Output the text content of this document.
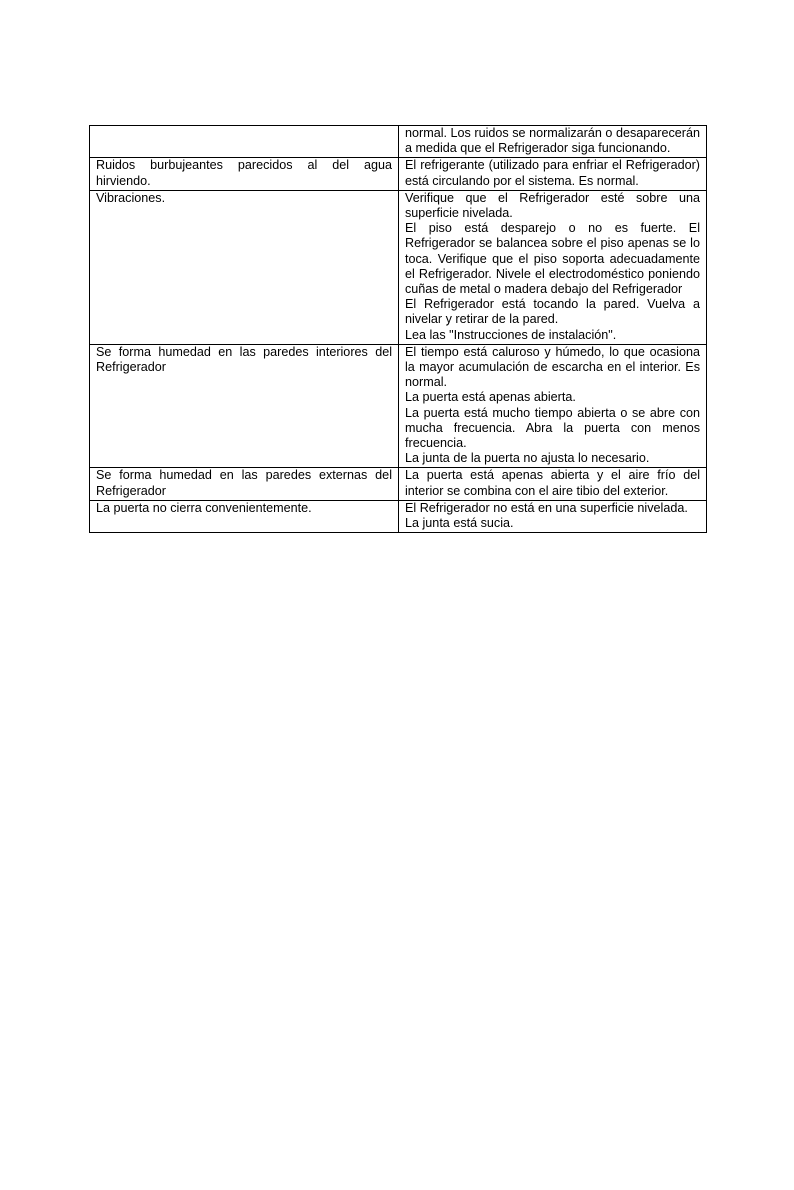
	normal. Los ruidos se normalizarán o desaparecerán a medida que el Refrigerador siga funcionando.

Ruidos burbujeantes parecidos al del agua hirviendo.	El refrigerante (utilizado para enfriar el Refrigerador) está circulando por el sistema. Es normal.

Vibraciones.	Verifique que el Refrigerador esté sobre una superficie nivelada.
El piso está desparejo o no es fuerte. El Refrigerador se balancea sobre el piso apenas se lo toca. Verifique que el piso soporta adecuadamente el Refrigerador. Nivele el electrodoméstico poniendo cuñas de metal o madera debajo del Refrigerador
El Refrigerador está tocando la pared. Vuelva a nivelar y retirar de la pared.
Lea las "Instrucciones de instalación".

Se forma humedad en las paredes interiores del Refrigerador	El tiempo está caluroso y húmedo, lo que ocasiona la mayor acumulación de escarcha en el interior. Es normal.
La puerta está apenas abierta.
La puerta está mucho tiempo abierta o se abre con mucha frecuencia. Abra la puerta con menos frecuencia.
La junta de la puerta no ajusta lo necesario.

Se forma humedad en las paredes externas del Refrigerador	La puerta está apenas abierta y el aire frío del interior se combina con el aire tibio del exterior.

La puerta no cierra convenientemente.	El Refrigerador no está en una superficie nivelada.
La junta está sucia.
